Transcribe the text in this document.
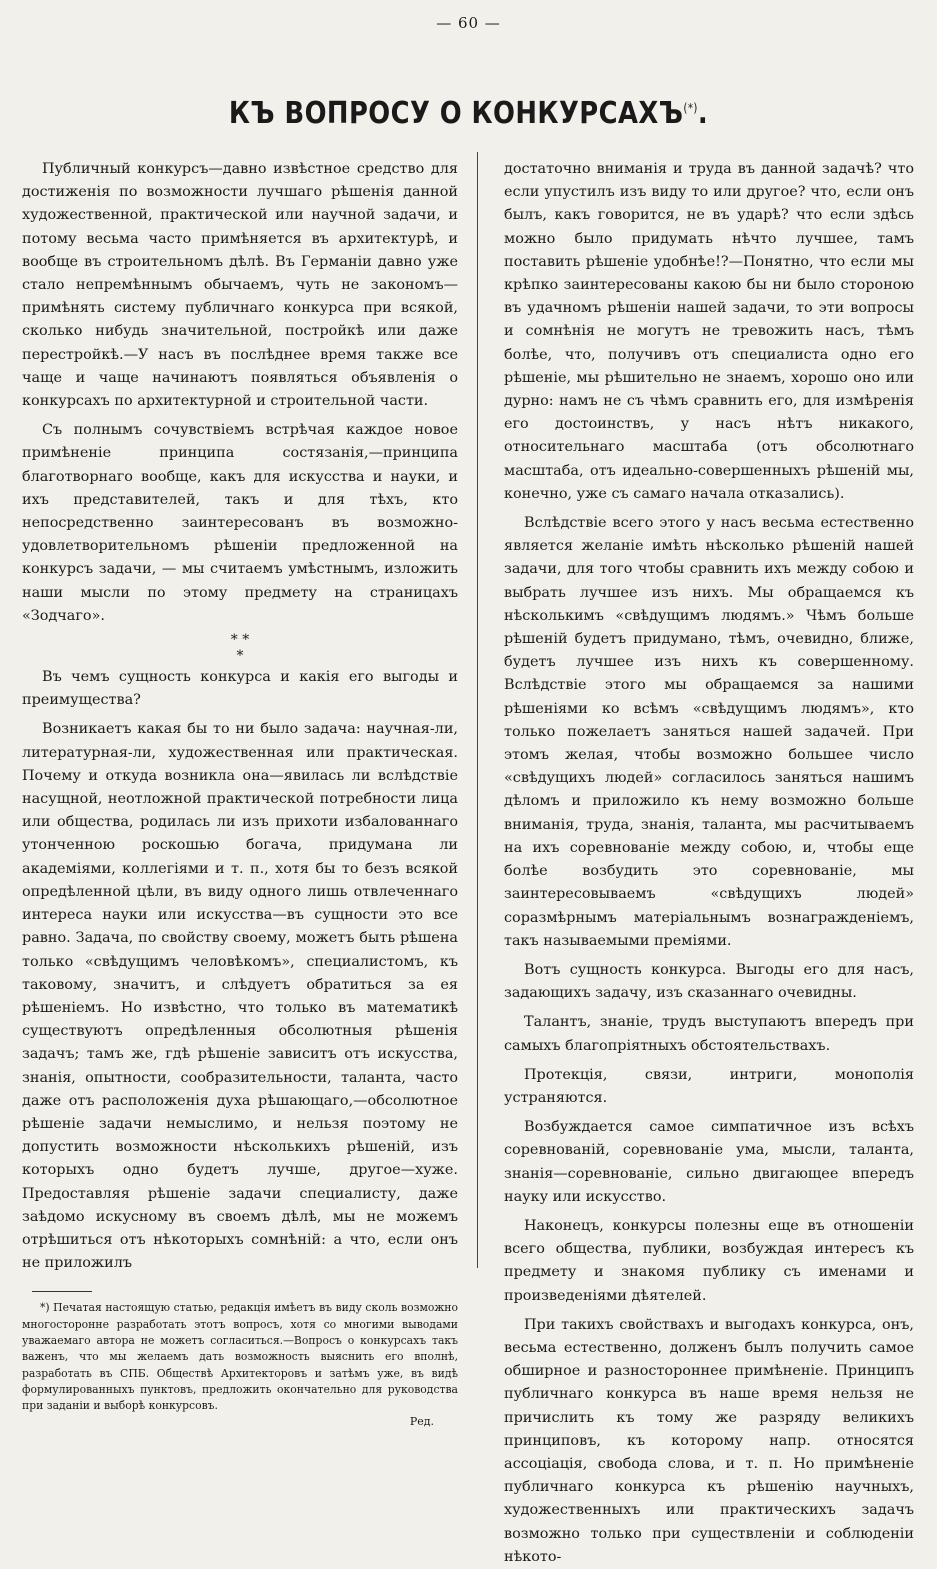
— 60 —
КЪ ВОПРОСУ О КОНКУРСАХЪ(*).

Публичный конкурсъ—давно извѣстное средство для достиженія по возможности лучшаго рѣшенія данной художественной, практической или научной задачи, и потому весьма часто примѣняется въ архитектурѣ, и вообще въ строительномъ дѣлѣ. Въ Германіи давно уже стало непремѣннымъ обычаемъ, чуть не закономъ—примѣнять систему публичнаго конкурса при всякой, сколько нибудь значительной, постройкѣ или даже перестройкѣ.—У насъ въ послѣднее время также все чаще и чаще начинаютъ появляться объявленія о конкурсахъ по архитектурной и строительной части.

Съ полнымъ сочувствіемъ встрѣчая каждое новое примѣненіе принципа состязанія,—принципа благотворнаго вообще, какъ для искусства и науки, и ихъ представителей, такъ и для тѣхъ, кто непосредственно заинтересованъ въ возможно-удовлетворительномъ рѣшеніи предложенной на конкурсъ задачи, — мы считаемъ умѣстнымъ, изложить наши мысли по этому предмету на страницахъ «Зодчаго».

* *
*

Въ чемъ сущность конкурса и какія его выгоды и преимущества?

Возникаетъ какая бы то ни было задача: научная-ли, литературная-ли, художественная или практическая. Почему и откуда возникла она—явилась ли вслѣдствіе насущной, неотложной практической потребности лица или общества, родилась ли изъ прихоти избалованнаго утонченною роскошью богача, придумана ли академіями, коллегіями и т. п., хотя бы то безъ всякой опредѣленной цѣли, въ виду одного лишь отвлеченнаго интереса науки или искусства—въ сущности это все равно. Задача, по свойству своему, можетъ быть рѣшена только «свѣдущимъ человѣкомъ», специалистомъ, къ таковому, значитъ, и слѣдуетъ обратиться за ея рѣшеніемъ. Но извѣстно, что только въ математикѣ существуютъ опредѣленныя обсолютныя рѣшенія задачъ; тамъ же, гдѣ рѣшеніе зависитъ отъ искусства, знанія, опытности, сообразительности, таланта, часто даже отъ расположенія духа рѣшающаго,—обсолютное рѣшеніе задачи немыслимо, и нельзя поэтому не допустить возможности нѣсколькихъ рѣшеній, изъ которыхъ одно будетъ лучше, другое—хуже. Предоставляя рѣшеніе задачи специалисту, даже заѣдомо искусному въ своемъ дѣлѣ, мы не можемъ отрѣшиться отъ нѣкоторыхъ сомнѣній: а что, если онъ не приложилъ

*) Печатая настоящую статью, редакція имѣетъ въ виду сколь возможно многосторонне разработать этотъ вопросъ, хотя со многими выводами уважаемаго автора не можетъ согласиться.—Вопросъ о конкурсахъ такъ важенъ, что мы желаемъ дать возможность выяснить его вполнѣ, разработать въ СПБ. Обществѣ Архитекторовъ и затѣмъ уже, въ видѣ формулированныхъ пунктовъ, предложить окончательно для руководства при заданіи и выборѣ конкурсовъ.

Ред.

достаточно вниманія и труда въ данной задачѣ? что если упустилъ изъ виду то или другое? что, если онъ былъ, какъ говорится, не въ ударѣ? что если здѣсь можно было придумать нѣчто лучшее, тамъ поставить рѣшеніе удобнѣе!?—Понятно, что если мы крѣпко заинтересованы какою бы ни было стороною въ удачномъ рѣшеніи нашей задачи, то эти вопросы и сомнѣнія не могутъ не тревожить насъ, тѣмъ болѣе, что, получивъ отъ специалиста одно его рѣшеніе, мы рѣшительно не знаемъ, хорошо оно или дурно: намъ не съ чѣмъ сравнить его, для измѣренія его достоинствъ, у насъ нѣтъ никакого, относительнаго масштаба (отъ обсолютнаго масштаба, отъ идеально-совершенныхъ рѣшеній мы, конечно, уже съ самаго начала отказались).

Вслѣдствіе всего этого у насъ весьма естественно является желаніе имѣть нѣсколько рѣшеній нашей задачи, для того чтобы сравнить ихъ между собою и выбрать лучшее изъ нихъ. Мы обращаемся къ нѣсколькимъ «свѣдущимъ людямъ.» Чѣмъ больше рѣшеній будетъ придумано, тѣмъ, очевидно, ближе, будетъ лучшее изъ нихъ къ совершенному. Вслѣдствіе этого мы обращаемся за нашими рѣшеніями ко всѣмъ «свѣдущимъ людямъ», кто только пожелаетъ заняться нашей задачей. При этомъ желая, чтобы возможно большее число «свѣдущихъ людей» согласилось заняться нашимъ дѣломъ и приложило къ нему возможно больше вниманія, труда, знанія, таланта, мы расчитываемъ на ихъ соревнованіе между собою, и, чтобы еще болѣе возбудить это соревнованіе, мы заинтересовываемъ «свѣдущихъ людей» соразмѣрнымъ матеріальнымъ вознагражденіемъ, такъ называемыми преміями.

Вотъ сущность конкурса. Выгоды его для насъ, задающихъ задачу, изъ сказаннаго очевидны.

Талантъ, знаніе, трудъ выступаютъ впередъ при самыхъ благопріятныхъ обстоятельствахъ.

Протекція, связи, интриги, монополія устраняются.

Возбуждается самое симпатичное изъ всѣхъ соревнованій, соревнованіе ума, мысли, таланта, знанія—соревнованіе, сильно двигающее впередъ науку или искусство.

Наконецъ, конкурсы полезны еще въ отношеніи всего общества, публики, возбуждая интересъ къ предмету и знакомя публику съ именами и произведеніями дѣятелей.

При такихъ свойствахъ и выгодахъ конкурса, онъ, весьма естественно, долженъ былъ получить самое обширное и разностороннее примѣненіе. Принципъ публичнаго конкурса въ наше время нельзя не причислить къ тому же разряду великихъ принциповъ, къ которому напр. относятся ассоціація, свобода слова, и т. п. Но примѣненіе публичнаго конкурса къ рѣшенію научныхъ, художественныхъ или практическихъ задачъ возможно только при существленіи и соблюденіи нѣкото-
